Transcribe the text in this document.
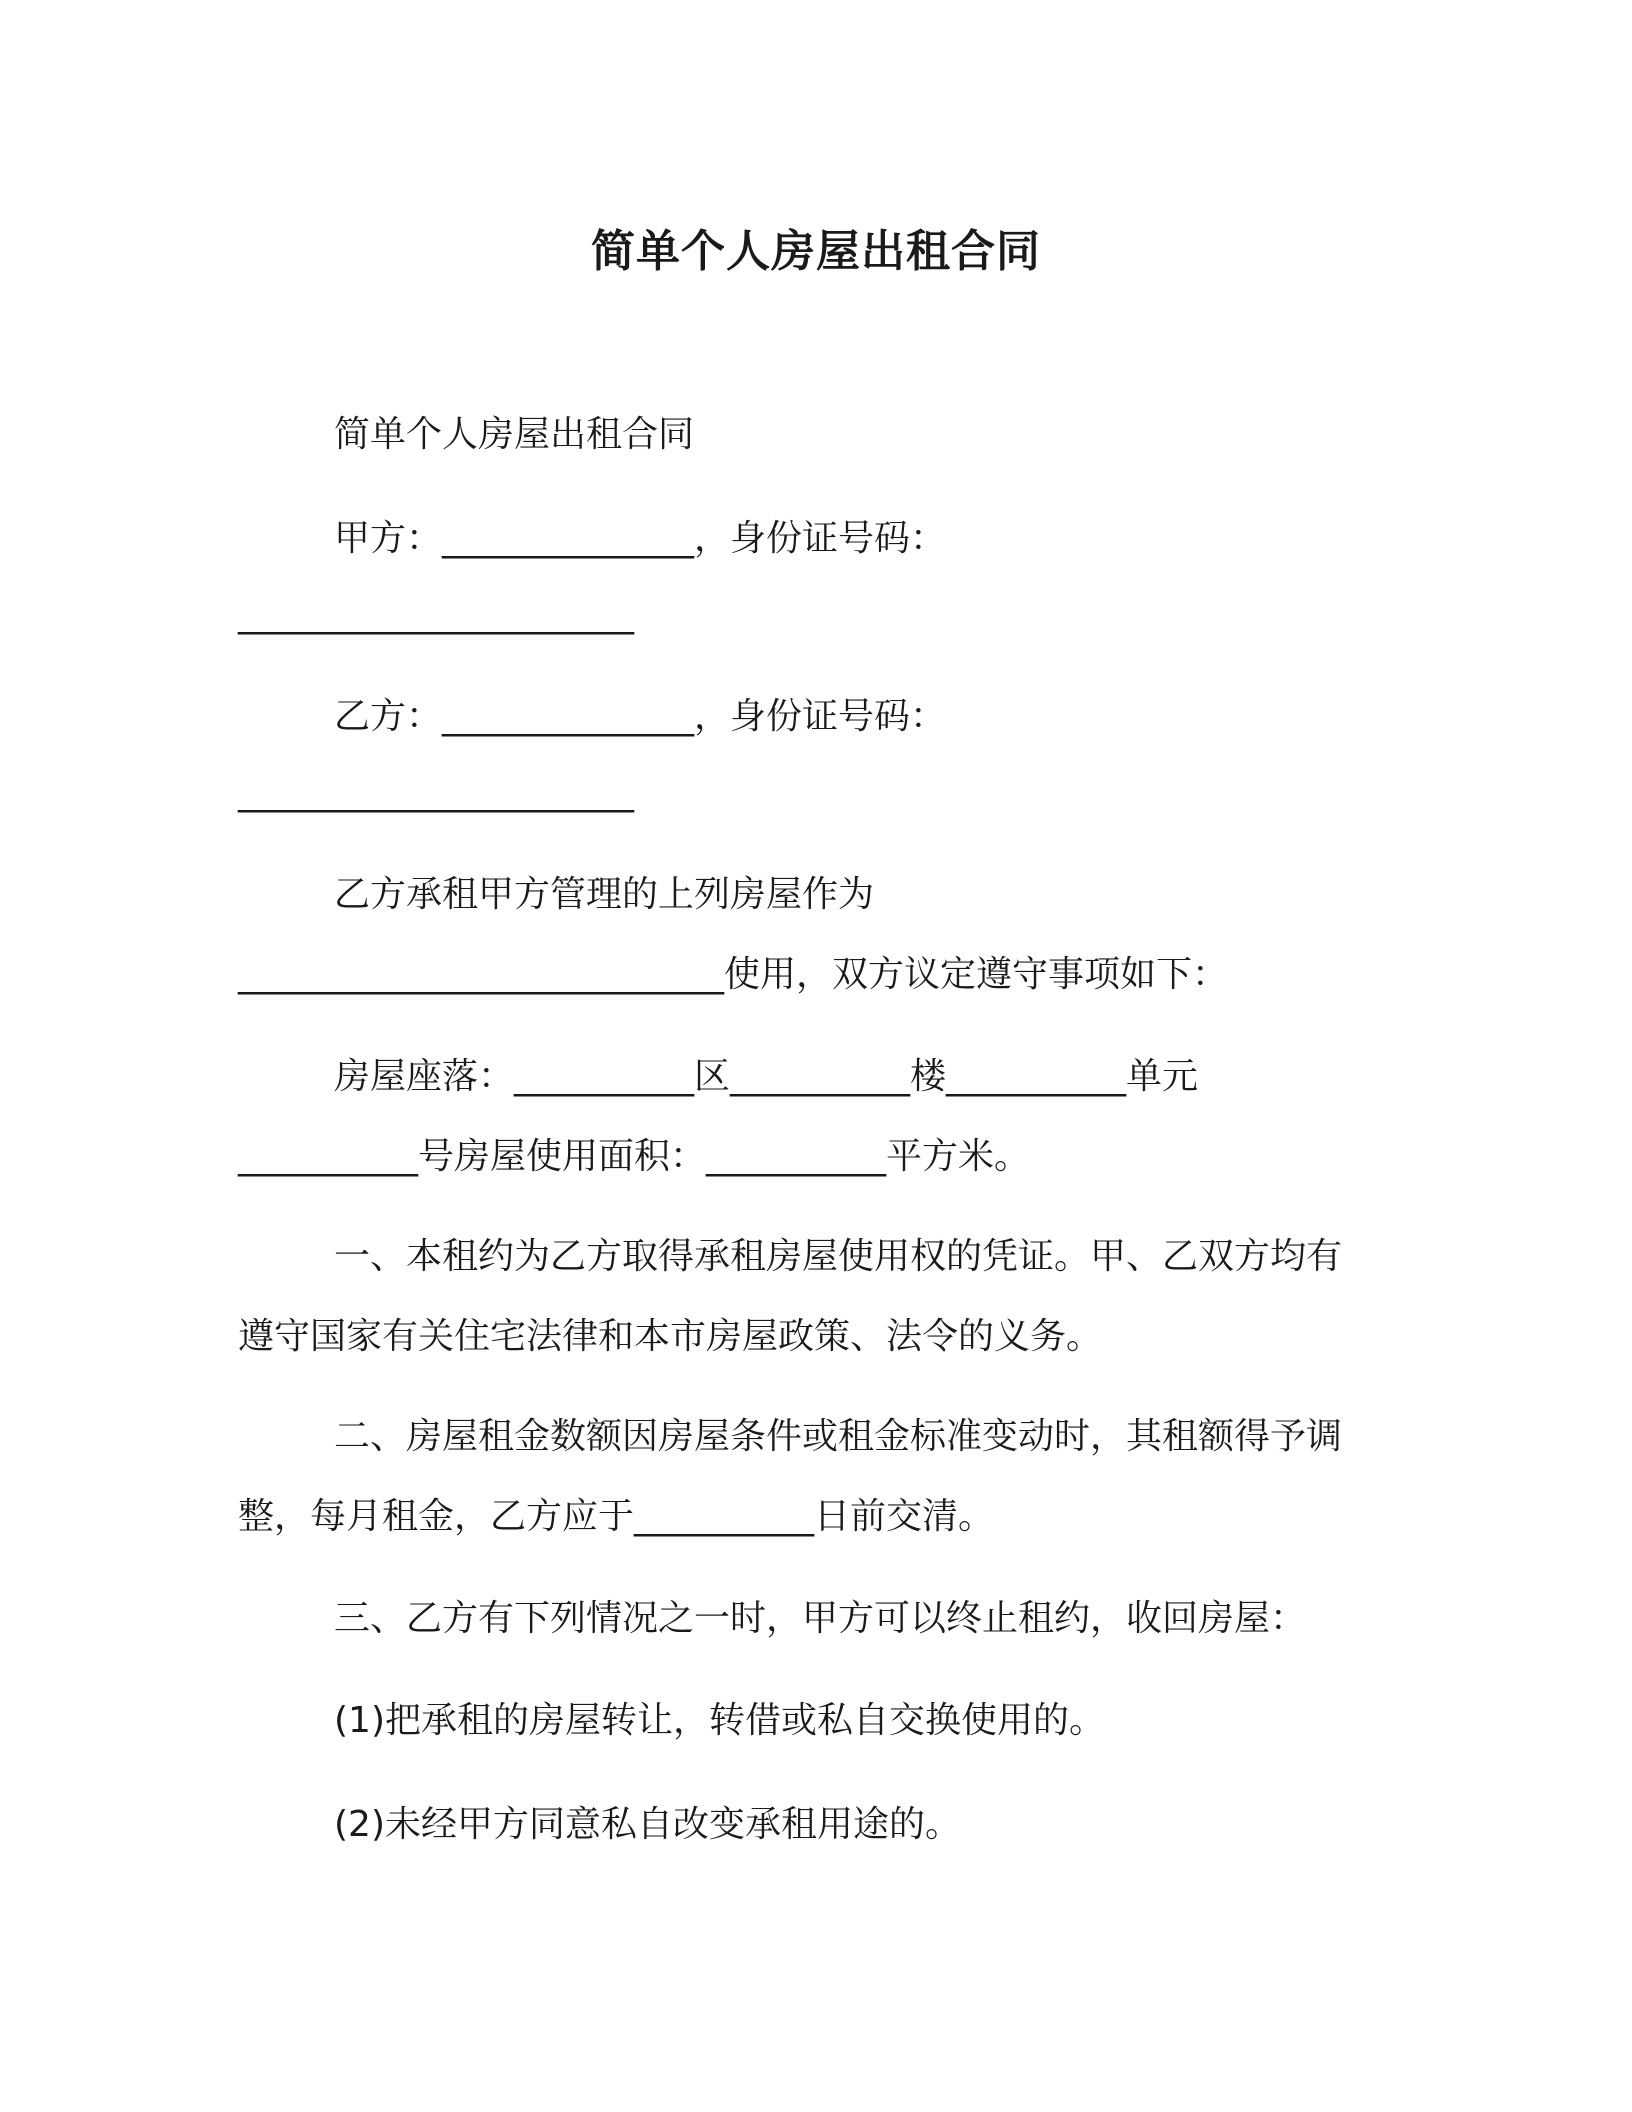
简单个人房屋出租合同
简单个人房屋出租合同
甲方：______________，身份证号码：
______________________
乙方：______________，身份证号码：
______________________
乙方承租甲方管理的上列房屋作为
___________________________使用，双方议定遵守事项如下：
房屋座落：__________区__________楼__________单元
__________号房屋使用面积：__________平方米。
一、本租约为乙方取得承租房屋使用权的凭证。甲、乙双方均有
遵守国家有关住宅法律和本市房屋政策、法令的义务。
二、房屋租金数额因房屋条件或租金标准变动时，其租额得予调
整，每月租金，乙方应于__________日前交清。
三、乙方有下列情况之一时，甲方可以终止租约，收回房屋：
(1)把承租的房屋转让，转借或私自交换使用的。
(2)未经甲方同意私自改变承租用途的。
